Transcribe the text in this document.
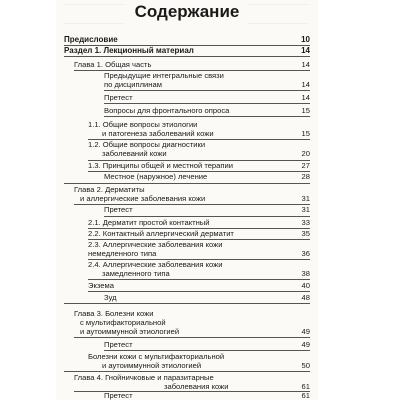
Содержание
Предисловие	10
Раздел 1. Лекционный материал	14
Глава 1. Общая часть	14
Предыдущие интегральные связи
по дисциплинам	14
Претест	14
Вопросы для фронтального опроса	15
1.1. Общие вопросы этиологии
и патогенеза заболеваний кожи	15
1.2. Общие вопросы диагностики
заболеваний кожи	20
1.3. Принципы общей и местной терапии	27
Местное (наружное) лечение	28
Глава 2. Дерматиты
и аллергические заболевания кожи	31
Претест	31
2.1. Дерматит простой контактный	33
2.2. Контактный аллергический дерматит	35
2.3. Аллергические заболевания кожи
немедленного типа	36
2.4. Аллергические заболевания кожи
замедленного типа	38
Экзема	40
Зуд	48
Глава 3. Болезни кожи
с мультифакториальной
и аутоиммунной этиологией	49
Претест	49
Болезни кожи с мультифакториальной
и аутоиммунной этиологией	50
Глава 4. Гнойничковые и паразитарные
заболевания кожи	61
Претест	61
